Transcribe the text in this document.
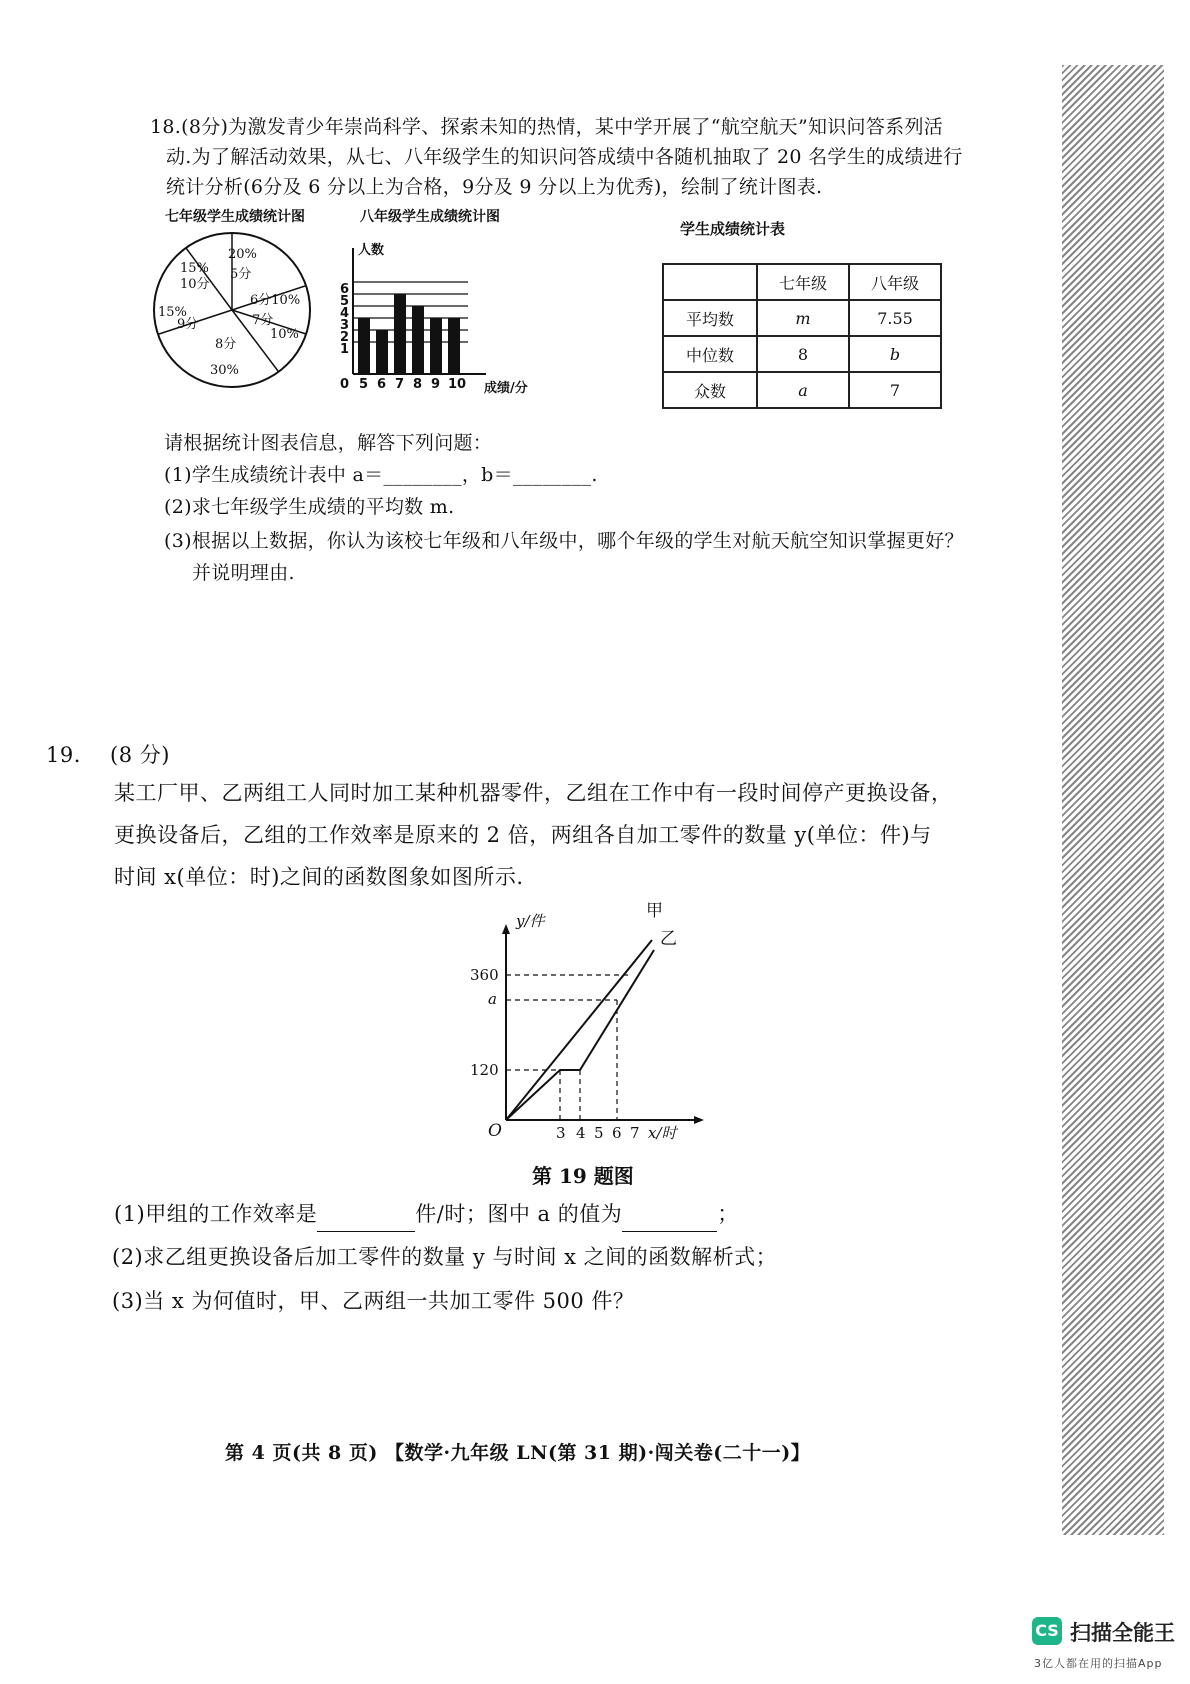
18.(8分)为激发青少年崇尚科学、探索未知的热情，某中学开展了“航空航天”知识问答系列活
动.为了解活动效果，从七、八年级学生的知识问答成绩中各随机抽取了 20 名学生的成绩进行
统计分析(6分及 6 分以上为合格，9分及 9 分以上为优秀)，绘制了统计图表.
七年级学生成绩统计图	八年级学生成绩统计图
学生成绩统计表
20%
5分
6分10%
7分
10%
8分
30%
15%
9分
15%
10分
人数
1
2
3
4
5
6
0 5 6 7 8 9 10 成绩/分
	七年级	八年级
平均数	m	7.55
中位数	8	b
众数	a	7
请根据统计图表信息，解答下列问题：
(1)学生成绩统计表中 a＝________，b＝________.
(2)求七年级学生成绩的平均数 m.
(3)根据以上数据，你认为该校七年级和八年级中，哪个年级的学生对航天航空知识掌握更好？
并说明理由.
19. (8 分)
某工厂甲、乙两组工人同时加工某种机器零件，乙组在工作中有一段时间停产更换设备，
更换设备后，乙组的工作效率是原来的 2 倍，两组各自加工零件的数量 y(单位：件)与
时间 x(单位：时)之间的函数图象如图所示.
y/件
x/时
O
360
a
120
3 4 5 6 7
甲
乙
第 19 题图
(1)甲组的工作效率是	件/时；图中 a 的值为	；
(2)求乙组更换设备后加工零件的数量 y 与时间 x 之间的函数解析式；
(3)当 x 为何值时，甲、乙两组一共加工零件 500 件？
第 4 页(共 8 页) 【数学·九年级 LN(第 31 期)·闯关卷(二十一)】
CS 扫描全能王
3亿人都在用的扫描App
